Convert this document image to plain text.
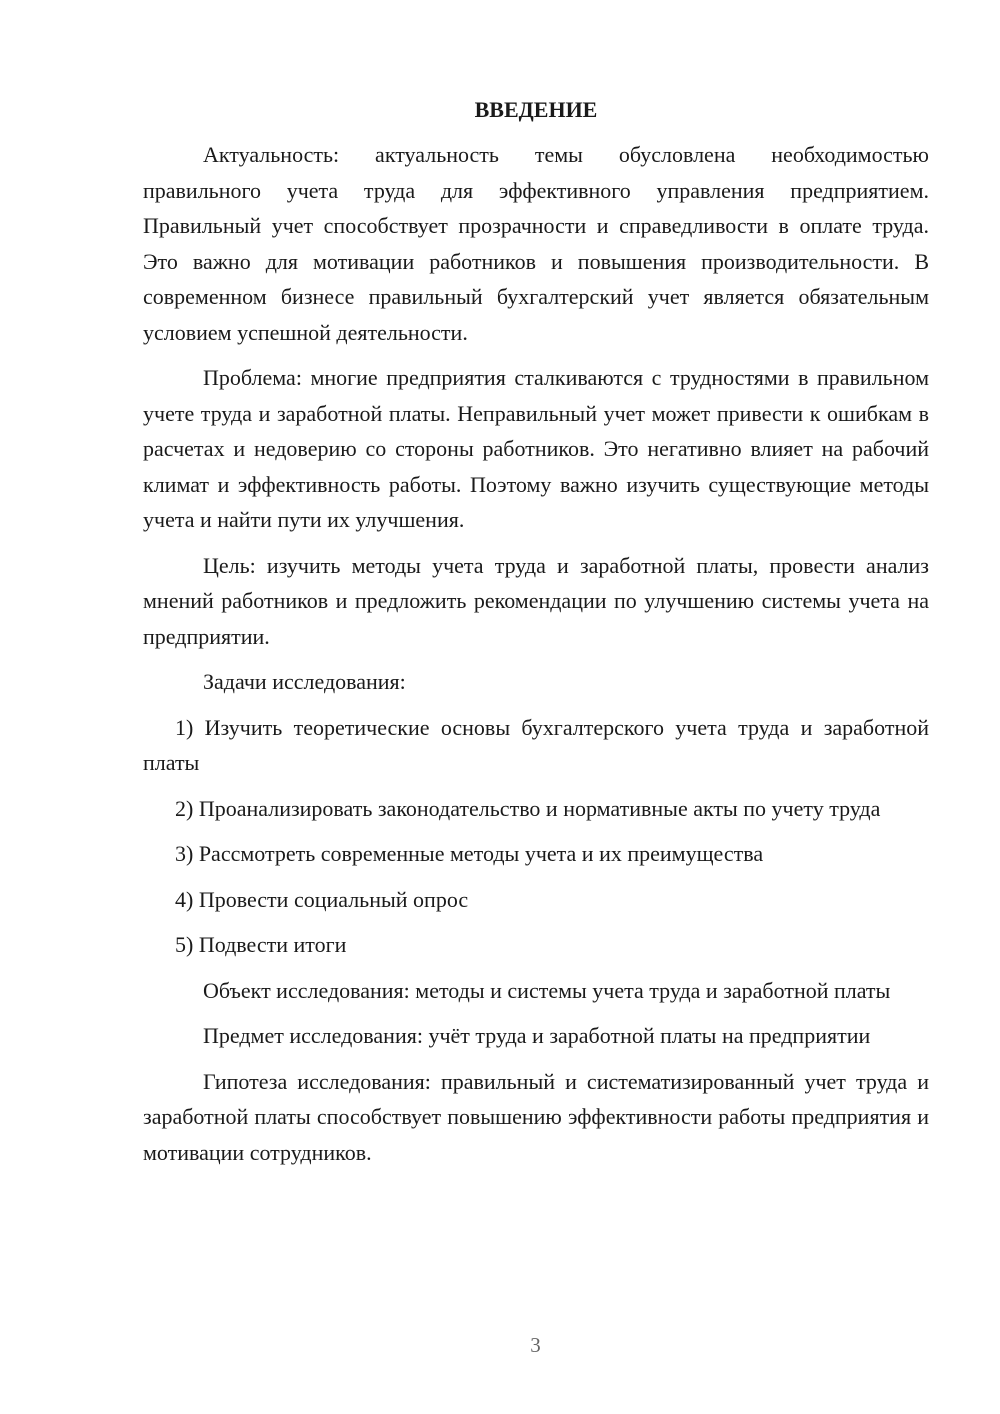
ВВЕДЕНИЕ

Актуальность: актуальность темы обусловлена необходимостью правильного учета труда для эффективного управления предприятием. Правильный учет способствует прозрачности и справедливости в оплате труда. Это важно для мотивации работников и повышения производительности. В современном бизнесе правильный бухгалтерский учет является обязательным условием успешной деятельности.

Проблема: многие предприятия сталкиваются с трудностями в правильном учете труда и заработной платы. Неправильный учет может привести к ошибкам в расчетах и недоверию со стороны работников. Это негативно влияет на рабочий климат и эффективность работы. Поэтому важно изучить существующие методы учета и найти пути их улучшения.

Цель: изучить методы учета труда и заработной платы, провести анализ мнений работников и предложить рекомендации по улучшению системы учета на предприятии.

Задачи исследования:

1) Изучить теоретические основы бухгалтерского учета труда и заработной платы

2) Проанализировать законодательство и нормативные акты по учету труда

3) Рассмотреть современные методы учета и их преимущества

4) Провести социальный опрос

5) Подвести итоги

Объект исследования: методы и системы учета труда и заработной платы

Предмет исследования: учёт труда и заработной платы на предприятии

Гипотеза исследования: правильный и систематизированный учет труда и заработной платы способствует повышению эффективности работы предприятия и мотивации сотрудников.

3
